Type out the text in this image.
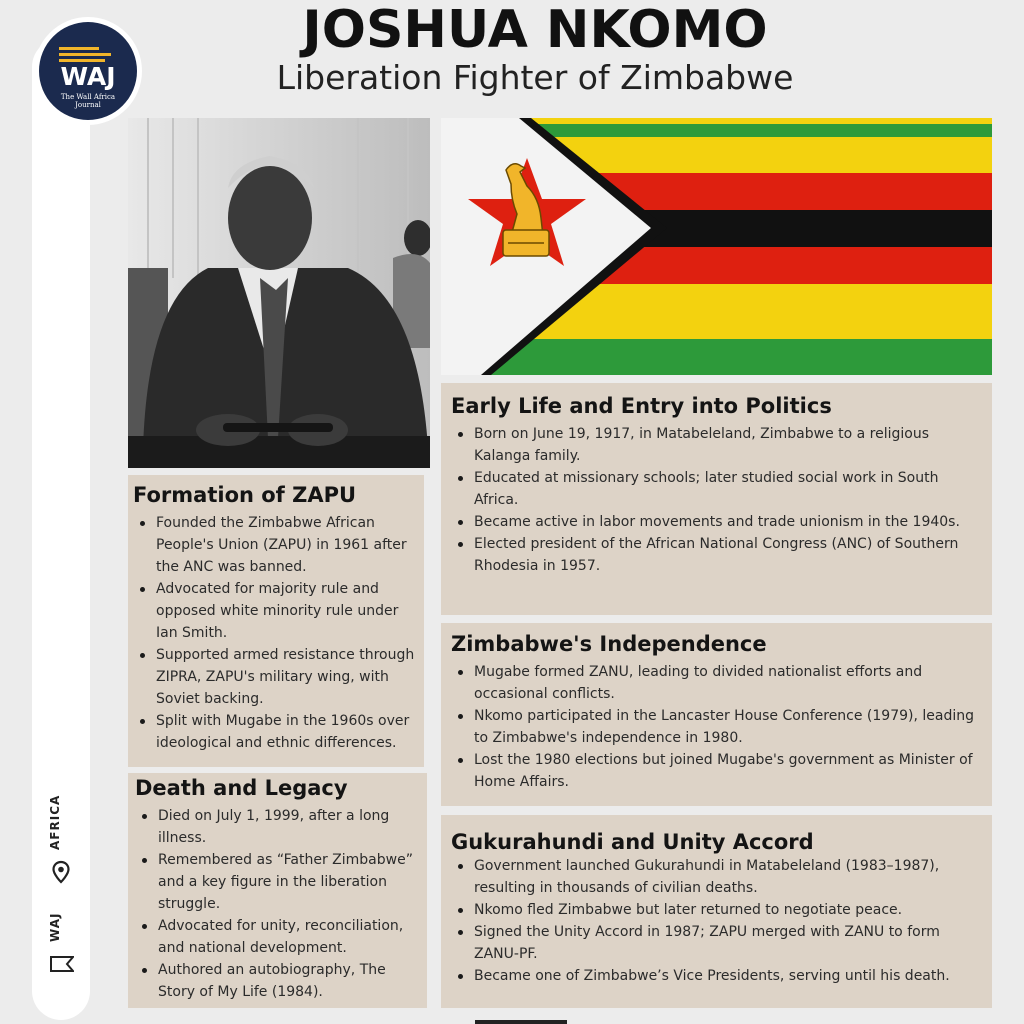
WAJ
The Wall Africa Journal
AFRICA
WAJ
JOSHUA NKOMO
Liberation Fighter of Zimbabwe
Early Life and Entry into Politics
Born on June 19, 1917, in Matabeleland, Zimbabwe to a religious Kalanga family.
Educated at missionary schools; later studied social work in South Africa.
Became active in labor movements and trade unionism in the 1940s.
Elected president of the African National Congress (ANC) of Southern Rhodesia in 1957.
Formation of ZAPU
Founded the Zimbabwe African People's Union (ZAPU) in 1961 after the ANC was banned.
Advocated for majority rule and opposed white minority rule under Ian Smith.
Supported armed resistance through ZIPRA, ZAPU's military wing, with Soviet backing.
Split with Mugabe in the 1960s over ideological and ethnic differences.
Zimbabwe's Independence
Mugabe formed ZANU, leading to divided nationalist efforts and occasional conflicts.
Nkomo participated in the Lancaster House Conference (1979), leading to Zimbabwe's independence in 1980.
Lost the 1980 elections but joined Mugabe's government as Minister of Home Affairs.
Death and Legacy
Died on July 1, 1999, after a long illness.
Remembered as “Father Zimbabwe” and a key figure in the liberation struggle.
Advocated for unity, reconciliation, and national development.
Authored an autobiography, The Story of My Life (1984).
Gukurahundi and Unity Accord
Government launched Gukurahundi in Matabeleland (1983–1987), resulting in thousands of civilian deaths.
Nkomo fled Zimbabwe but later returned to negotiate peace.
Signed the Unity Accord in 1987; ZAPU merged with ZANU to form ZANU-PF.
Became one of Zimbabwe’s Vice Presidents, serving until his death.
